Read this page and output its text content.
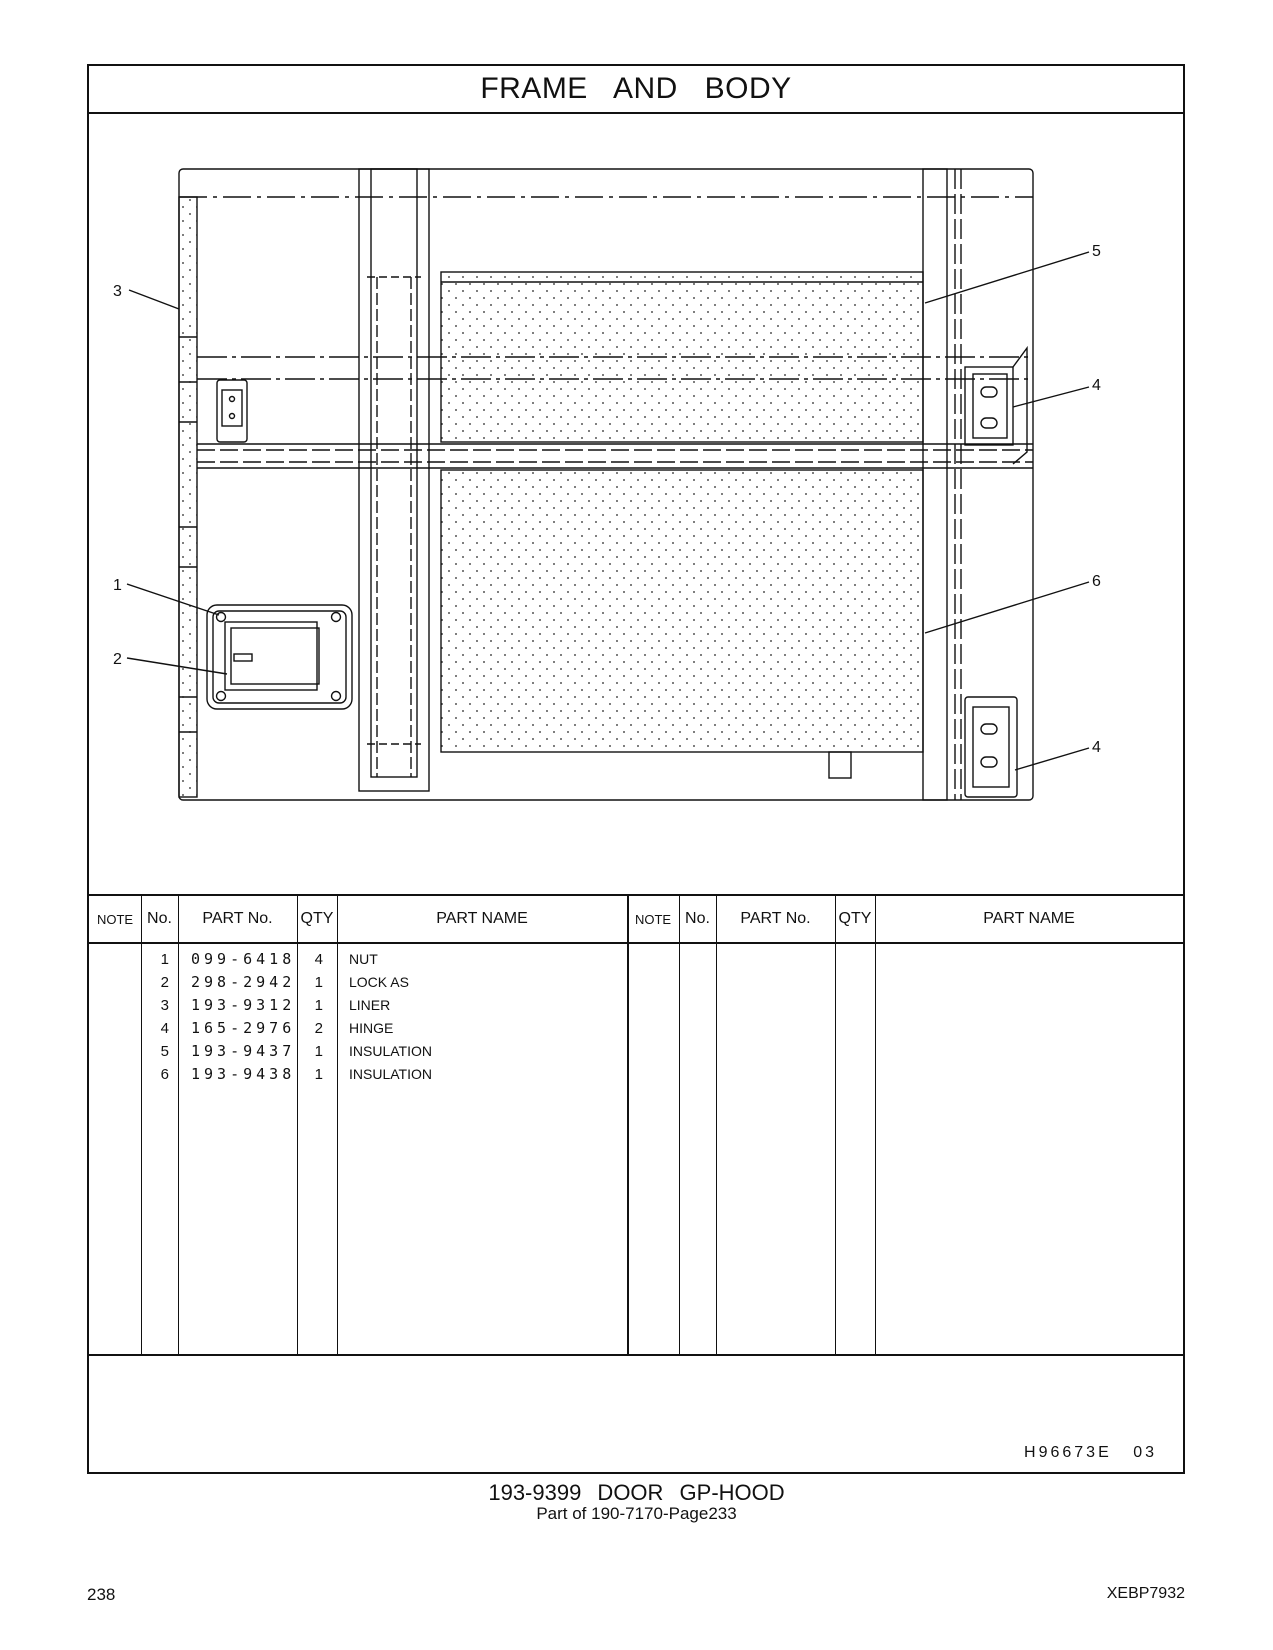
FRAME AND BODY
3
5
4
6
4
1
2
NOTE No.	PART No.	QTY	PART NAME	NOTE No.	PART No.	QTY	PART NAME
1 099-6418	4 NUT
2 298-2942	1 LOCK AS
3 193-9312	1 LINER
4 165-2976	2 HINGE
5 193-9437	1 INSULATION
6 193-9438	1 INSULATION
H96673E 03
193-9399 DOOR GP-HOOD
Part of 190-7170-Page233
238	XEBP7932
